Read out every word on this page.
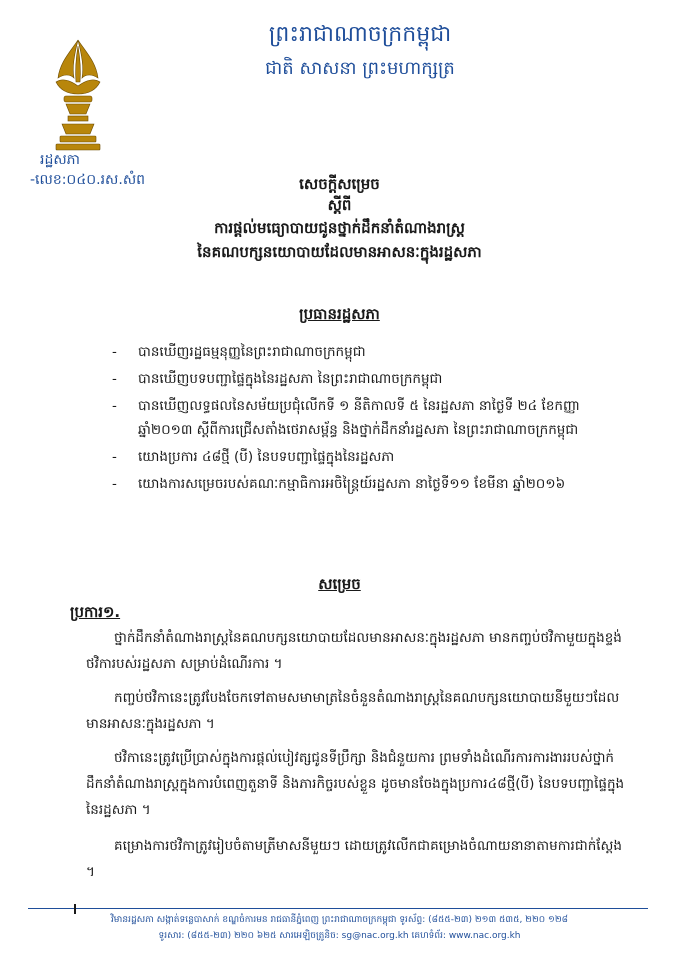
ព្រះរាជាណាចក្រកម្ពុជា
ជាតិ សាសនា ព្រះមហាក្សត្រ
រដ្ឋសភា
-លេខ:០៤០.រស.សំព	សេចក្តីសម្រេច
ស្តីពី
ការផ្តល់មធ្យោបាយជូនថ្នាក់ដឹកនាំតំណាងរាស្ត្រ
នៃគណបក្សនយោបាយដែលមានអាសនៈក្នុងរដ្ឋសភា
ប្រធានរដ្ឋសភា
- បានឃើញរដ្ឋធម្មនុញ្ញនៃព្រះរាជាណាចក្រកម្ពុជា
- បានឃើញបទបញ្ជាផ្ទៃក្នុងនៃរដ្ឋសភា នៃព្រះរាជាណាចក្រកម្ពុជា
- បានឃើញលទ្ធផលនៃសម័យប្រជុំលើកទី ១ នីតិកាលទី ៥ នៃរដ្ឋសភា នាថ្ងៃទី ២៤ ខែកញ្ញា ឆ្នាំ២០១៣ ស្តីពីការជ្រើសតាំងថេរាសម្ព័ន្ធ និងថ្នាក់ដឹកនាំរដ្ឋសភា នៃព្រះរាជាណាចក្រកម្ពុជា
- យោងប្រការ ៤៨ថ្មី (បី) នៃបទបញ្ជាផ្ទៃក្នុងនៃរដ្ឋសភា
- យោងការសម្រេចរបស់គណៈកម្មាធិការអចិន្ត្រៃយ៍រដ្ឋសភា នាថ្ងៃទី១១ ខែមីនា ឆ្នាំ២០១៦
សម្រេច
ប្រការ១.

ថ្នាក់ដឹកនាំតំណាងរាស្ត្រនៃគណបក្សនយោបាយដែលមានអាសនៈក្នុងរដ្ឋសភា មានកញ្ចប់ថវិកាមួយក្នុងខ្ទង់ថវិការបស់រដ្ឋសភា សម្រាប់ដំណើរការ ។

កញ្ចប់ថវិកានេះត្រូវបែងចែកទៅតាមសមាមាត្រនៃចំនួនតំណាងរាស្ត្រនៃគណបក្សនយោបាយនីមួយៗដែលមានអាសនៈក្នុងរដ្ឋសភា ។

ថវិកានេះត្រូវប្រើប្រាស់ក្នុងការផ្តល់បៀវត្សជូនទីប្រឹក្សា និងជំនួយការ ព្រមទាំងដំណើរការការងាររបស់ថ្នាក់ដឹកនាំតំណាងរាស្ត្រក្នុងការបំពេញតួនាទី និងភារកិច្ចរបស់ខ្លួន ដូចមានចែងក្នុងប្រការ៤៨ថ្មី(បី) នៃបទបញ្ជាផ្ទៃក្នុងនៃរដ្ឋសភា ។

គម្រោងការថវិកាត្រូវរៀបចំតាមត្រីមាសនីមួយៗ ដោយត្រូវលើកជាគម្រោងចំណាយនានាតាមការជាក់ស្តែង ។

វិមានរដ្ឋសភា សង្កាត់ទន្លេបាសាក់ ខណ្ឌចំការមន រាជធានីភ្នំពេញ ព្រះរាជាណាចក្រកម្ពុជា ទូរស័ព្ទ: (៨៥៥-២៣) ២១៣ ៥៣៥, ២២០ ១២៨
ទូរសារ: (៨៥៥-២៣) ២២០ ៦២៥ សារអេឡិចត្រូនិច: sg@nac.org.kh គេហទំព័រ: www.nac.org.kh
